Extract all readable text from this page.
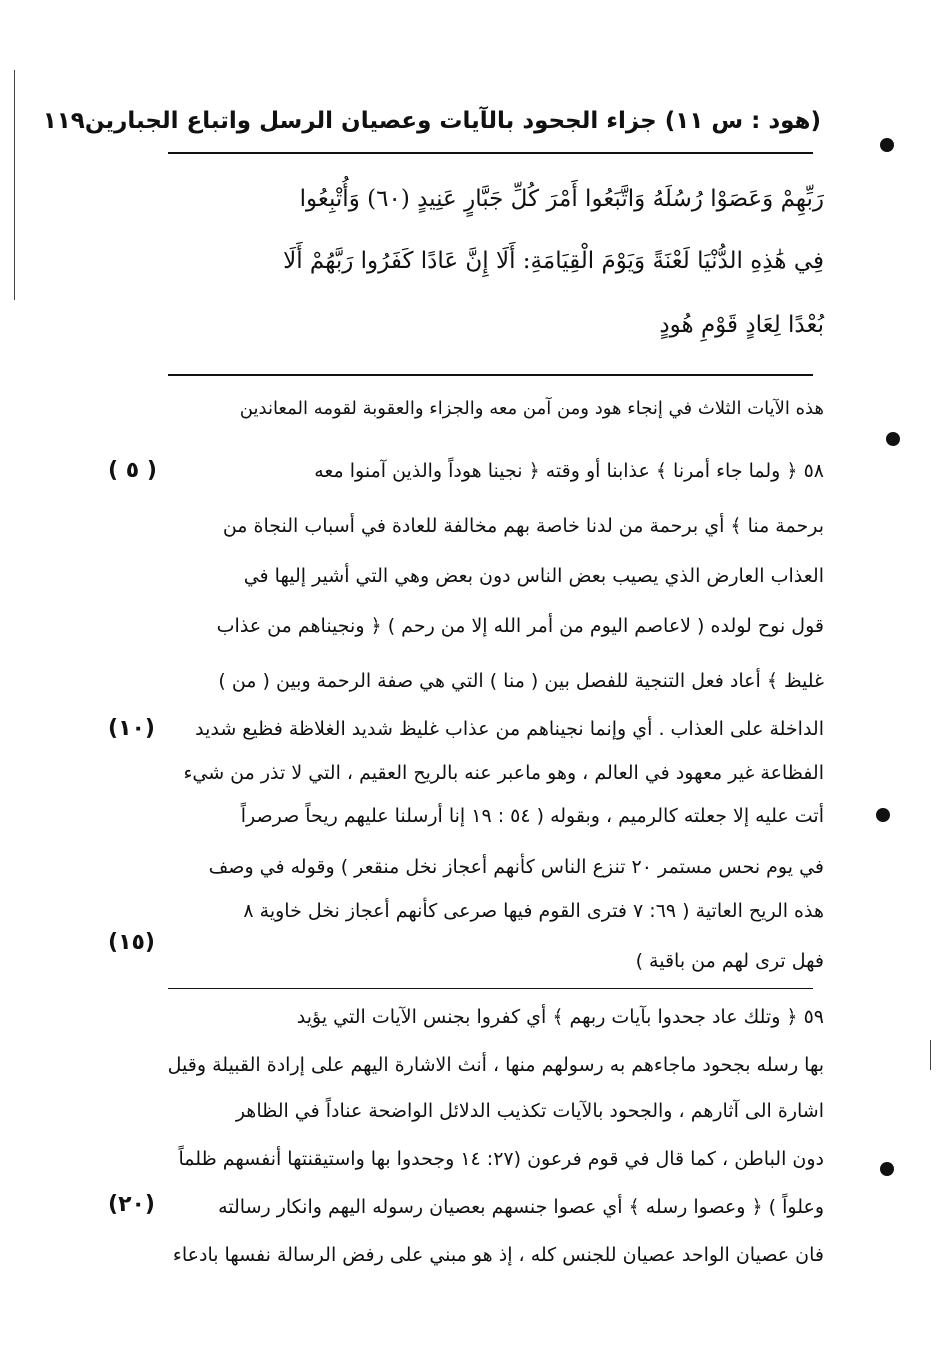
(هود : س ١١) جزاء الجحود بالآيات وعصيان الرسل واتباع الجبارين١١٩
رَبِّهِمْ وَعَصَوْا رُسُلَهُ وَاتَّبَعُوا أَمْرَ كُلِّ جَبَّارٍ عَنِيدٍ (٦٠) وَأُتْبِعُوا
فِي هَٰذِهِ الدُّنْيَا لَعْنَةً وَيَوْمَ الْقِيَامَةِ: أَلَا إِنَّ عَادًا كَفَرُوا رَبَّهُمْ أَلَا
بُعْدًا لِعَادٍ قَوْمِ هُودٍ
هذه الآيات الثلاث في إنجاء هود ومن آمن معه والجزاء والعقوبة لقومه المعاندين
٥٨ ﴿ ولما جاء أمرنا ﴾ عذابنا أو وقته ﴿ نجينا هوداً والذين آمنوا معه
برحمة منا ﴾ أي برحمة من لدنا خاصة بهم مخالفة للعادة في أسباب النجاة من
العذاب العارض الذي يصيب بعض الناس دون بعض وهي التي أشير إليها في
قول نوح لولده ( لاعاصم اليوم من أمر الله إلا من رحم ) ﴿ ونجيناهم من عذاب
غليظ ﴾ أعاد فعل التنجية للفصل بين ( منا ) التي هي صفة الرحمة وبين ( من )
الداخلة على العذاب . أي وإنما نجيناهم من عذاب غليظ شديد الغلاظة فظيع شديد
الفظاعة غير معهود في العالم ، وهو ماعبر عنه بالريح العقيم ، التي لا تذر من شيء
أتت عليه إلا جعلته كالرميم ، وبقوله ( ٥٤ : ١٩ إنا أرسلنا عليهم ريحاً صرصراً
في يوم نحس مستمر ٢٠ تنزع الناس كأنهم أعجاز نخل منقعر ) وقوله في وصف
هذه الريح العاتية ( ٦٩: ٧ فترى القوم فيها صرعى كأنهم أعجاز نخل خاوية ٨
فهل ترى لهم من باقية )
٥٩ ﴿ وتلك عاد جحدوا بآيات ربهم ﴾ أي كفروا بجنس الآيات التي يؤيد
بها رسله بجحود ماجاءهم به رسولهم منها ، أنث الاشارة اليهم على إرادة القبيلة وقيل
اشارة الى آثارهم ، والجحود بالآيات تكذيب الدلائل الواضحة عناداً في الظاهر
دون الباطن ، كما قال في قوم فرعون (٢٧: ١٤ وجحدوا بها واستيقنتها أنفسهم ظلماً
وعلواً ) ﴿ وعصوا رسله ﴾ أي عصوا جنسهم بعصيان رسوله اليهم وانكار رسالته
فان عصيان الواحد عصيان للجنس كله ، إذ هو مبني على رفض الرسالة نفسها بادعاء
( ٥ )
(١٠)
(١٥)
(٢٠)
